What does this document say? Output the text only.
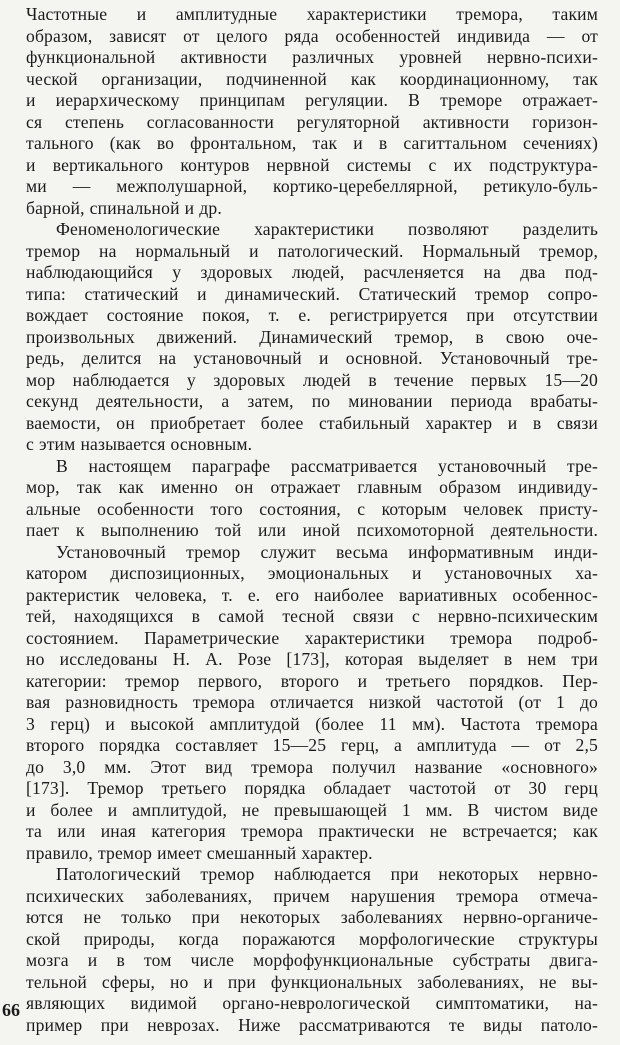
Частотные и амплитудные характеристики тремора, таким
образом, зависят от целого ряда особенностей индивида — от
функциональной активности различных уровней нервно-психи-
ческой организации, подчиненной как координационному, так
и иерархическому принципам регуляции. В треморе отражает-
ся степень согласованности регуляторной активности горизон-
тального (как во фронтальном, так и в сагиттальном сечениях)
и вертикального контуров нервной системы с их подструктура-
ми — межполушарной, кортико-церебеллярной, ретикуло-буль-
барной, спинальной и др.
Феноменологические характеристики позволяют разделить
тремор на нормальный и патологический. Нормальный тремор,
наблюдающийся у здоровых людей, расчленяется на два под-
типа: статический и динамический. Статический тремор сопро-
вождает состояние покоя, т. е. регистрируется при отсутствии
произвольных движений. Динамический тремор, в свою оче-
редь, делится на установочный и основной. Установочный тре-
мор наблюдается у здоровых людей в течение первых 15—20
секунд деятельности, а затем, по миновании периода врабаты-
ваемости, он приобретает более стабильный характер и в связи
с этим называется основным.
В настоящем параграфе рассматривается установочный тре-
мор, так как именно он отражает главным образом индивиду-
альные особенности того состояния, с которым человек присту-
пает к выполнению той или иной психомоторной деятельности.
Установочный тремор служит весьма информативным инди-
катором диспозиционных, эмоциональных и установочных ха-
рактеристик человека, т. е. его наиболее вариативных особеннос-
тей, находящихся в самой тесной связи с нервно-психическим
состоянием. Параметрические характеристики тремора подроб-
но исследованы Н. А. Розе [173], которая выделяет в нем три
категории: тремор первого, второго и третьего порядков. Пер-
вая разновидность тремора отличается низкой частотой (от 1 до
3 герц) и высокой амплитудой (более 11 мм). Частота тремора
второго порядка составляет 15—25 герц, а амплитуда — от 2,5
до 3,0 мм. Этот вид тремора получил название «основного»
[173]. Тремор третьего порядка обладает частотой от 30 герц
и более и амплитудой, не превышающей 1 мм. В чистом виде
та или иная категория тремора практически не встречается; как
правило, тремор имеет смешанный характер.
Патологический тремор наблюдается при некоторых нервно-
психических заболеваниях, причем нарушения тремора отмеча-
ются не только при некоторых заболеваниях нервно-органиче-
ской природы, когда поражаются морфологические структуры
мозга и в том числе морфофункциональные субстраты двига-
тельной сферы, но и при функциональных заболеваниях, не вы-
являющих видимой органо-неврологической симптоматики, на-
пример при неврозах. Ниже рассматриваются те виды патоло-
66
